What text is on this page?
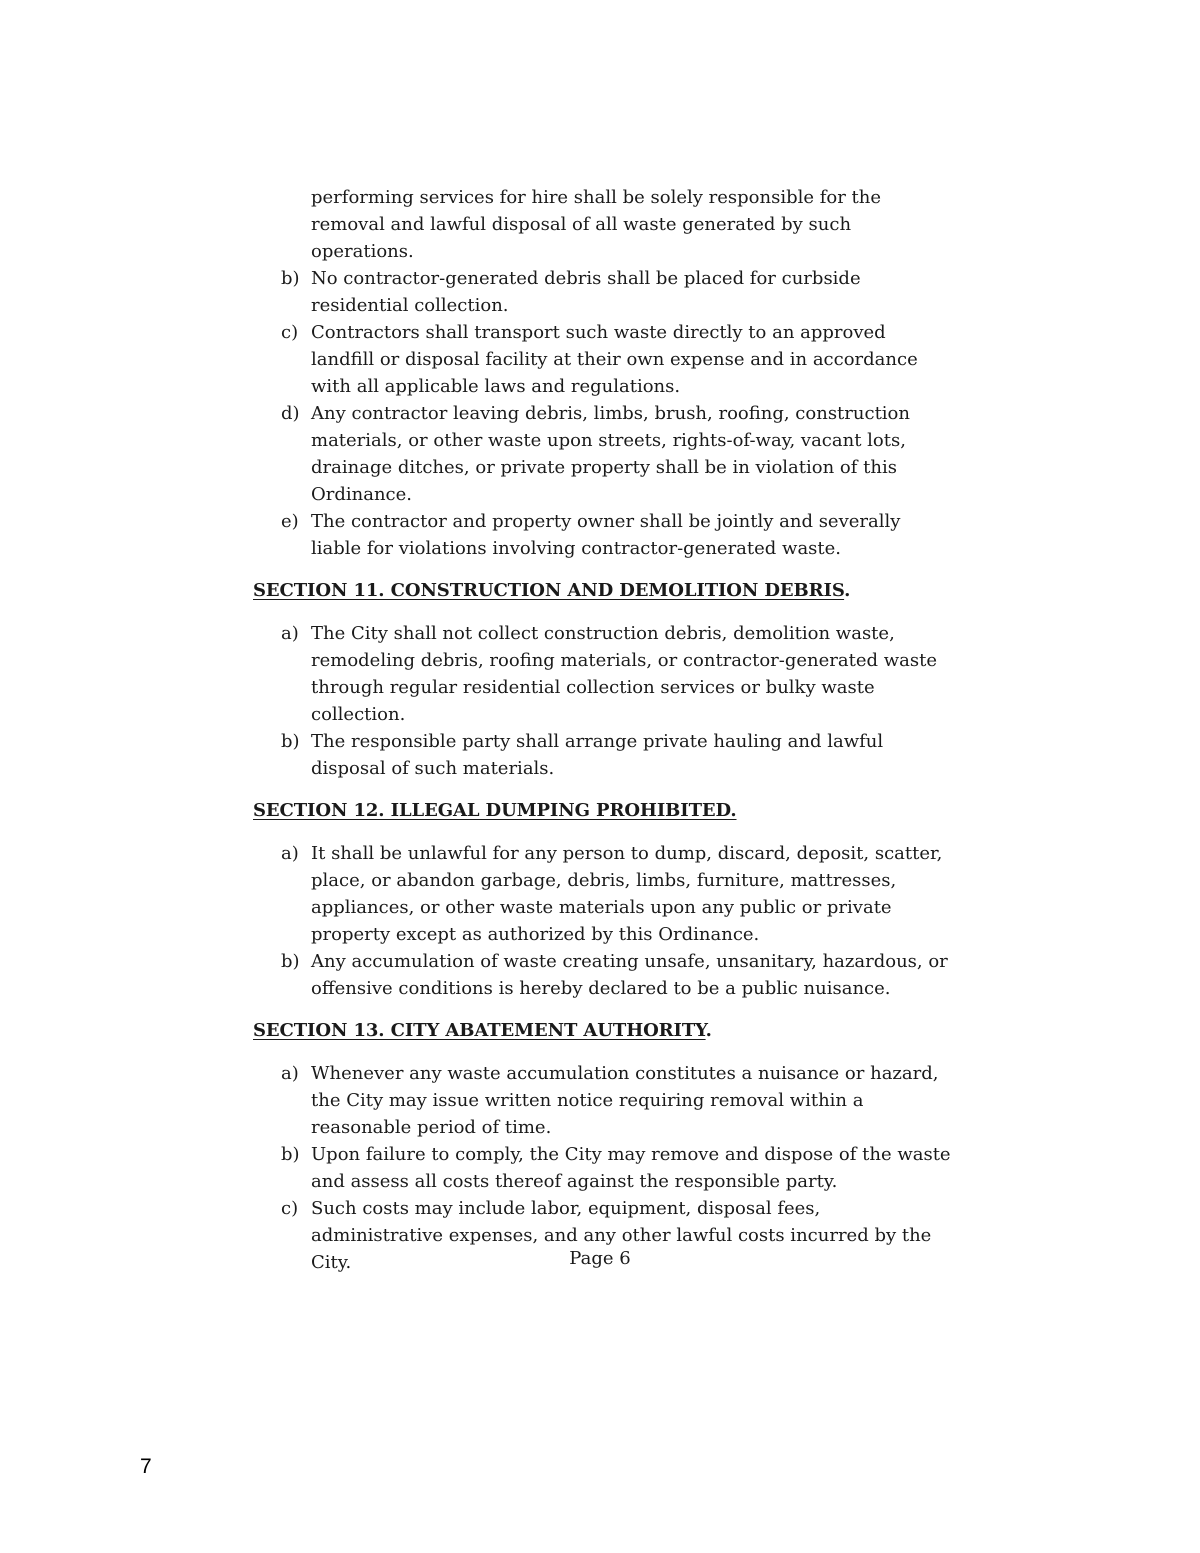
performing services for hire shall be solely responsible for the removal and lawful disposal of all waste generated by such operations.

b) No contractor-generated debris shall be placed for curbside residential collection.
c) Contractors shall transport such waste directly to an approved landfill or disposal facility at their own expense and in accordance with all applicable laws and regulations.
d) Any contractor leaving debris, limbs, brush, roofing, construction materials, or other waste upon streets, rights-of-way, vacant lots, drainage ditches, or private property shall be in violation of this Ordinance.
e) The contractor and property owner shall be jointly and severally liable for violations involving contractor-generated waste.
SECTION 11. CONSTRUCTION AND DEMOLITION DEBRIS.
a) The City shall not collect construction debris, demolition waste, remodeling debris, roofing materials, or contractor-generated waste through regular residential collection services or bulky waste collection.
b) The responsible party shall arrange private hauling and lawful disposal of such materials.
SECTION 12. ILLEGAL DUMPING PROHIBITED.
a) It shall be unlawful for any person to dump, discard, deposit, scatter, place, or abandon garbage, debris, limbs, furniture, mattresses, appliances, or other waste materials upon any public or private property except as authorized by this Ordinance.
b) Any accumulation of waste creating unsafe, unsanitary, hazardous, or offensive conditions is hereby declared to be a public nuisance.
SECTION 13. CITY ABATEMENT AUTHORITY.
a) Whenever any waste accumulation constitutes a nuisance or hazard, the City may issue written notice requiring removal within a reasonable period of time.
b) Upon failure to comply, the City may remove and dispose of the waste and assess all costs thereof against the responsible party.
c) Such costs may include labor, equipment, disposal fees, administrative expenses, and any other lawful costs incurred by the City.	Page 6
7
